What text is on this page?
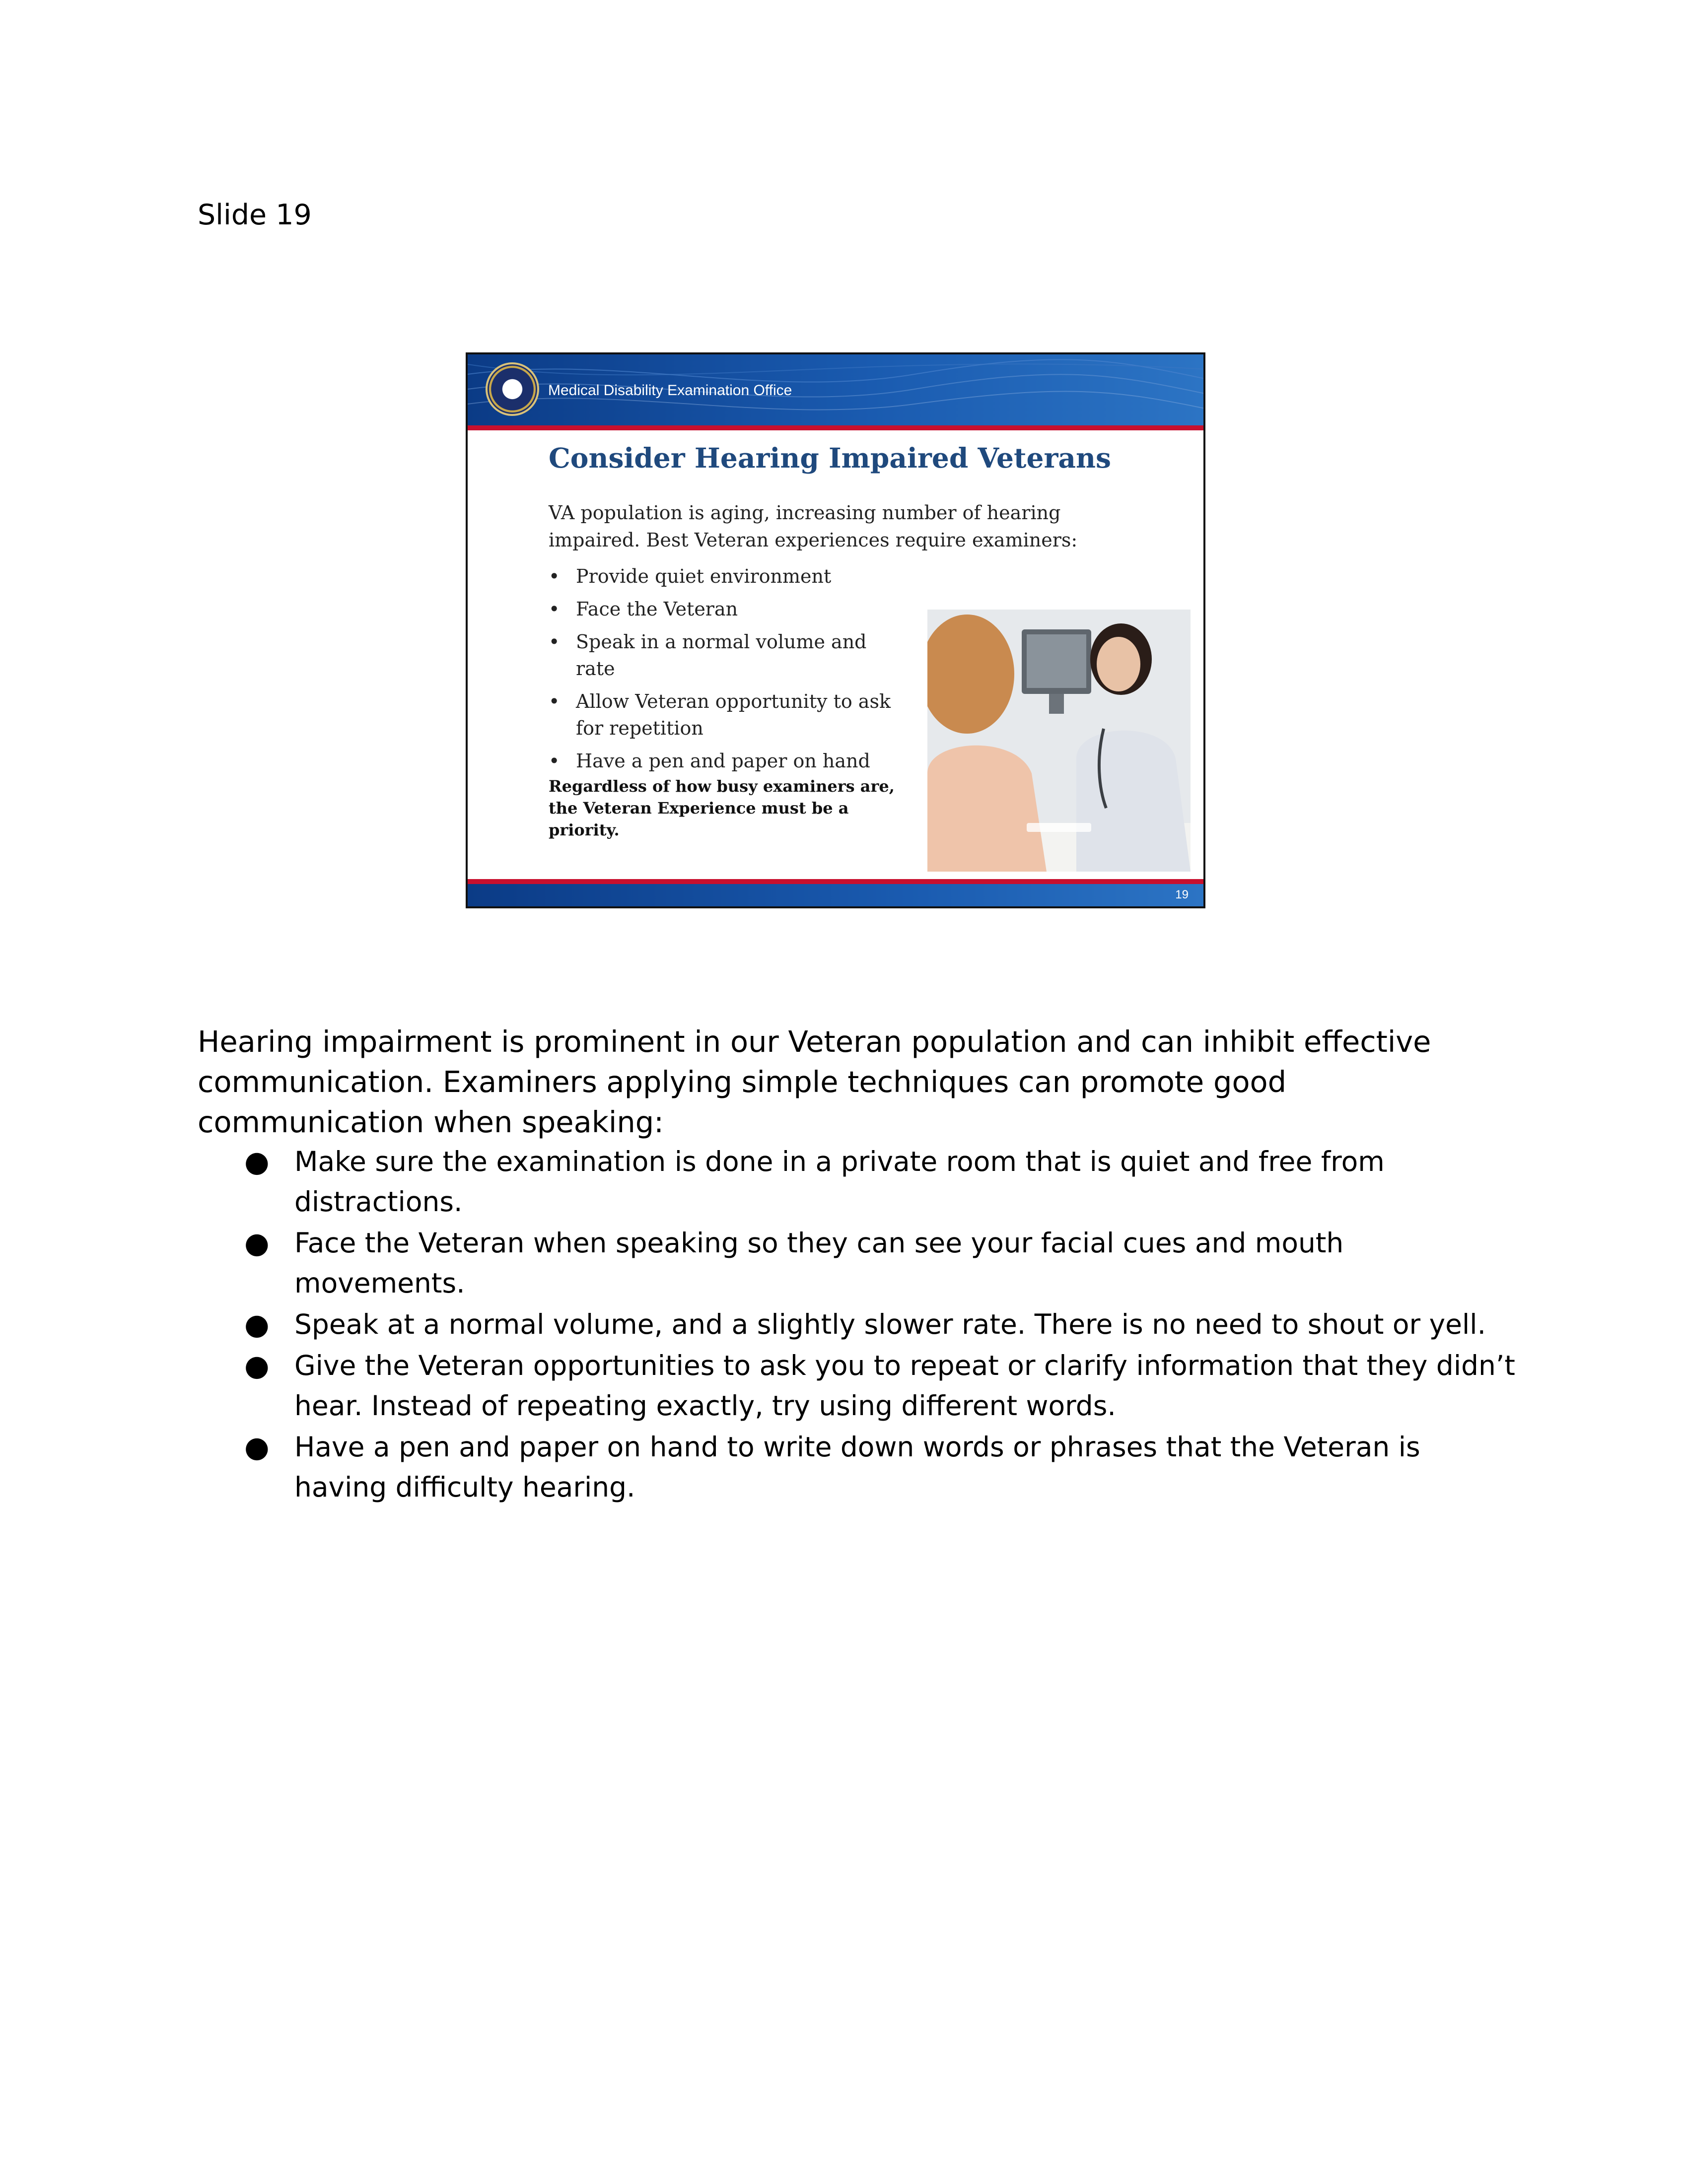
Slide 19
Medical Disability Examination Office
Consider Hearing Impaired Veterans
VA population is aging, increasing number of hearing impaired. Best Veteran experiences require examiners:
• Provide quiet environment
• Face the Veteran
• Speak in a normal volume and rate
• Allow Veteran opportunity to ask for repetition
• Have a pen and paper on hand
Regardless of how busy examiners are, the Veteran Experience must be a priority.
19
Hearing impairment is prominent in our Veteran population and can inhibit effective communication. Examiners applying simple techniques can promote good communication when speaking:
● Make sure the examination is done in a private room that is quiet and free from distractions.
● Face the Veteran when speaking so they can see your facial cues and mouth movements.
● Speak at a normal volume, and a slightly slower rate. There is no need to shout or yell.
● Give the Veteran opportunities to ask you to repeat or clarify information that they didn’t hear. Instead of repeating exactly, try using different words.
● Have a pen and paper on hand to write down words or phrases that the Veteran is having difficulty hearing.
